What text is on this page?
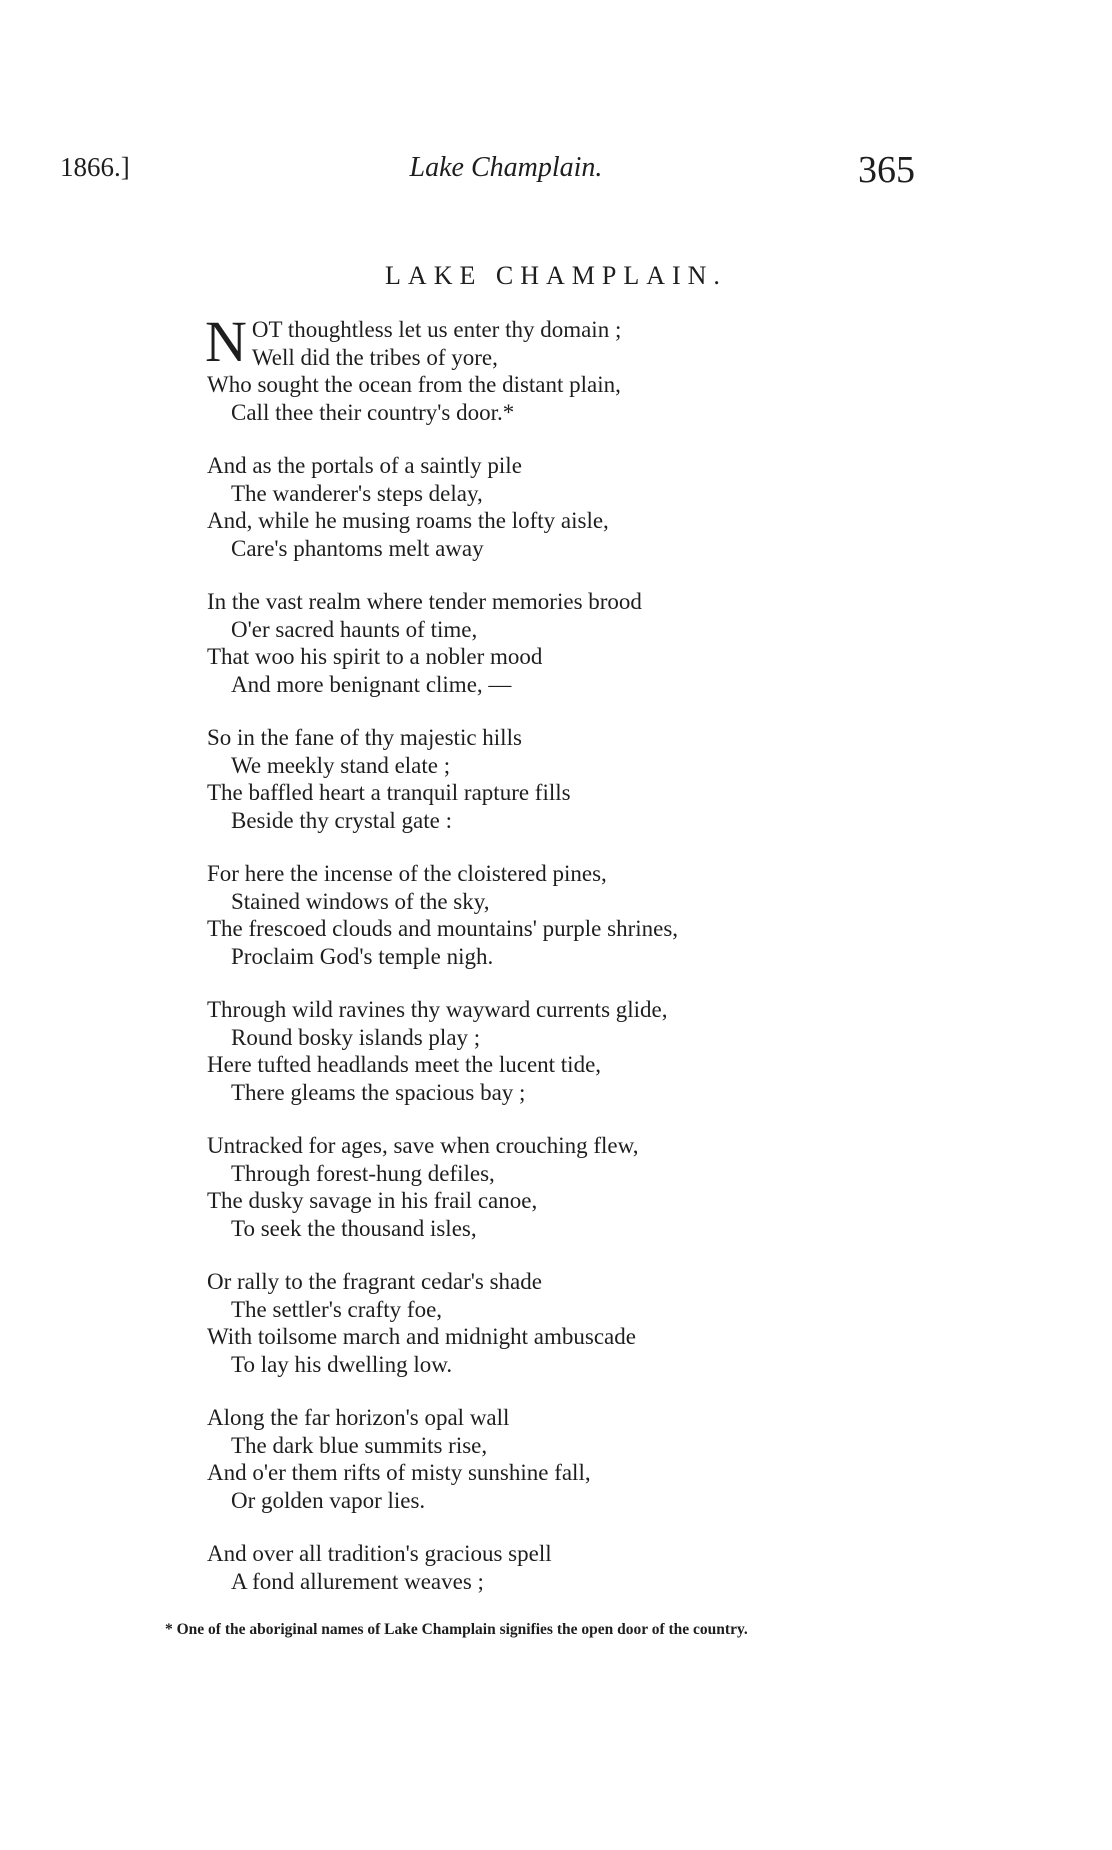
1866.]	Lake Champlain.	365
LAKE CHAMPLAIN.
NOT thoughtless let us enter thy domain ;
Well did the tribes of yore,
Who sought the ocean from the distant plain,
Call thee their country's door.*
And as the portals of a saintly pile
The wanderer's steps delay,
And, while he musing roams the lofty aisle,
Care's phantoms melt away
In the vast realm where tender memories brood
O'er sacred haunts of time,
That woo his spirit to a nobler mood
And more benignant clime, —
So in the fane of thy majestic hills
We meekly stand elate ;
The baffled heart a tranquil rapture fills
Beside thy crystal gate :
For here the incense of the cloistered pines,
Stained windows of the sky,
The frescoed clouds and mountains' purple shrines,
Proclaim God's temple nigh.
Through wild ravines thy wayward currents glide,
Round bosky islands play ;
Here tufted headlands meet the lucent tide,
There gleams the spacious bay ;
Untracked for ages, save when crouching flew,
Through forest-hung defiles,
The dusky savage in his frail canoe,
To seek the thousand isles,
Or rally to the fragrant cedar's shade
The settler's crafty foe,
With toilsome march and midnight ambuscade
To lay his dwelling low.
Along the far horizon's opal wall
The dark blue summits rise,
And o'er them rifts of misty sunshine fall,
Or golden vapor lies.
And over all tradition's gracious spell
A fond allurement weaves ;
* One of the aboriginal names of Lake Champlain signifies the open door of the country.
